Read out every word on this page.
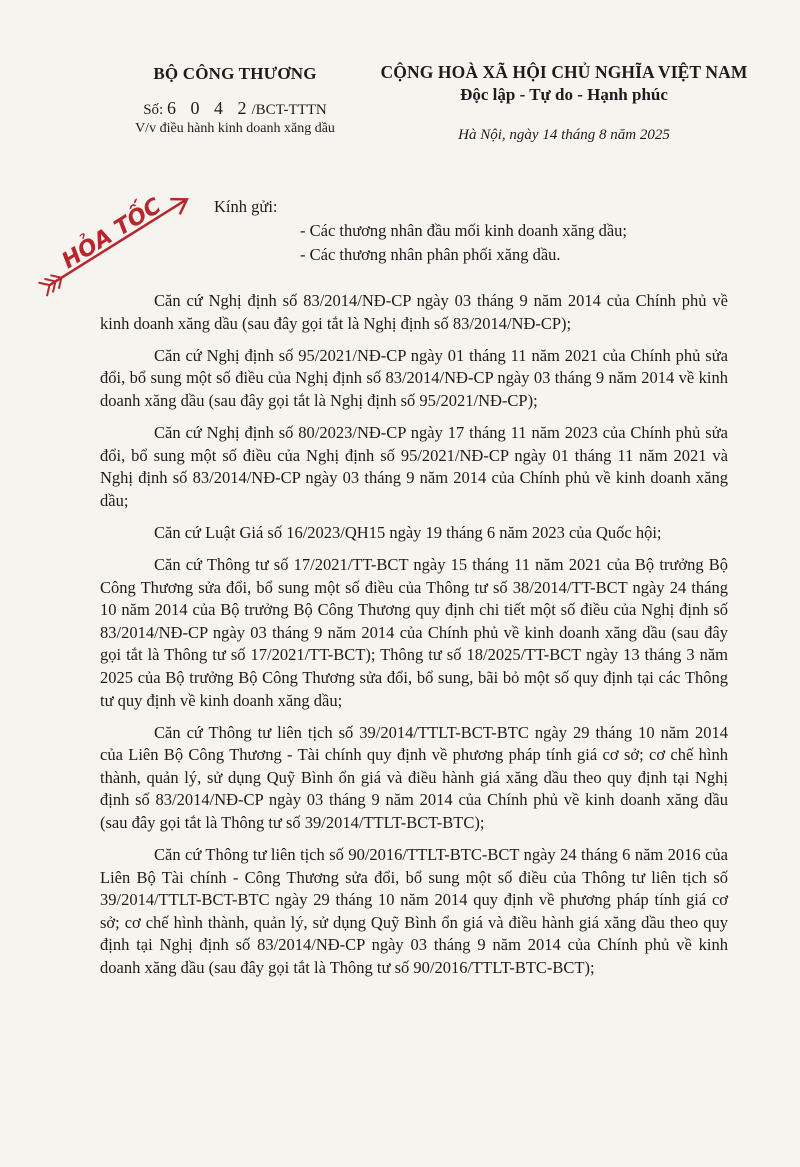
BỘ CÔNG THƯƠNG
Số: 6 0 4 2/BCT-TTTN
V/v điều hành kinh doanh xăng dầu
CỘNG HOÀ XÃ HỘI CHỦ NGHĨA VIỆT NAM
Độc lập - Tự do - Hạnh phúc
Hà Nội, ngày 14 tháng 8 năm 2025
HỎA TỐC	Kính gửi:
- Các thương nhân đầu mối kinh doanh xăng dầu;
- Các thương nhân phân phối xăng dầu.

Căn cứ Nghị định số 83/2014/NĐ-CP ngày 03 tháng 9 năm 2014 của Chính phủ về kinh doanh xăng dầu (sau đây gọi tắt là Nghị định số 83/2014/NĐ-CP);

Căn cứ Nghị định số 95/2021/NĐ-CP ngày 01 tháng 11 năm 2021 của Chính phủ sửa đổi, bổ sung một số điều của Nghị định số 83/2014/NĐ-CP ngày 03 tháng 9 năm 2014 về kinh doanh xăng dầu (sau đây gọi tắt là Nghị định số 95/2021/NĐ-CP);

Căn cứ Nghị định số 80/2023/NĐ-CP ngày 17 tháng 11 năm 2023 của Chính phủ sửa đổi, bổ sung một số điều của Nghị định số 95/2021/NĐ-CP ngày 01 tháng 11 năm 2021 và Nghị định số 83/2014/NĐ-CP ngày 03 tháng 9 năm 2014 của Chính phủ về kinh doanh xăng dầu;

Căn cứ Luật Giá số 16/2023/QH15 ngày 19 tháng 6 năm 2023 của Quốc hội;

Căn cứ Thông tư số 17/2021/TT-BCT ngày 15 tháng 11 năm 2021 của Bộ trưởng Bộ Công Thương sửa đổi, bổ sung một số điều của Thông tư số 38/2014/TT-BCT ngày 24 tháng 10 năm 2014 của Bộ trưởng Bộ Công Thương quy định chi tiết một số điều của Nghị định số 83/2014/NĐ-CP ngày 03 tháng 9 năm 2014 của Chính phủ về kinh doanh xăng dầu (sau đây gọi tắt là Thông tư số 17/2021/TT-BCT); Thông tư số 18/2025/TT-BCT ngày 13 tháng 3 năm 2025 của Bộ trưởng Bộ Công Thương sửa đổi, bổ sung, bãi bỏ một số quy định tại các Thông tư quy định về kinh doanh xăng dầu;

Căn cứ Thông tư liên tịch số 39/2014/TTLT-BCT-BTC ngày 29 tháng 10 năm 2014 của Liên Bộ Công Thương - Tài chính quy định về phương pháp tính giá cơ sở; cơ chế hình thành, quản lý, sử dụng Quỹ Bình ổn giá và điều hành giá xăng dầu theo quy định tại Nghị định số 83/2014/NĐ-CP ngày 03 tháng 9 năm 2014 của Chính phủ về kinh doanh xăng dầu (sau đây gọi tắt là Thông tư số 39/2014/TTLT-BCT-BTC);

Căn cứ Thông tư liên tịch số 90/2016/TTLT-BTC-BCT ngày 24 tháng 6 năm 2016 của Liên Bộ Tài chính - Công Thương sửa đổi, bổ sung một số điều của Thông tư liên tịch số 39/2014/TTLT-BCT-BTC ngày 29 tháng 10 năm 2014 quy định về phương pháp tính giá cơ sở; cơ chế hình thành, quản lý, sử dụng Quỹ Bình ổn giá và điều hành giá xăng dầu theo quy định tại Nghị định số 83/2014/NĐ-CP ngày 03 tháng 9 năm 2014 của Chính phủ về kinh doanh xăng dầu (sau đây gọi tắt là Thông tư số 90/2016/TTLT-BTC-BCT);
